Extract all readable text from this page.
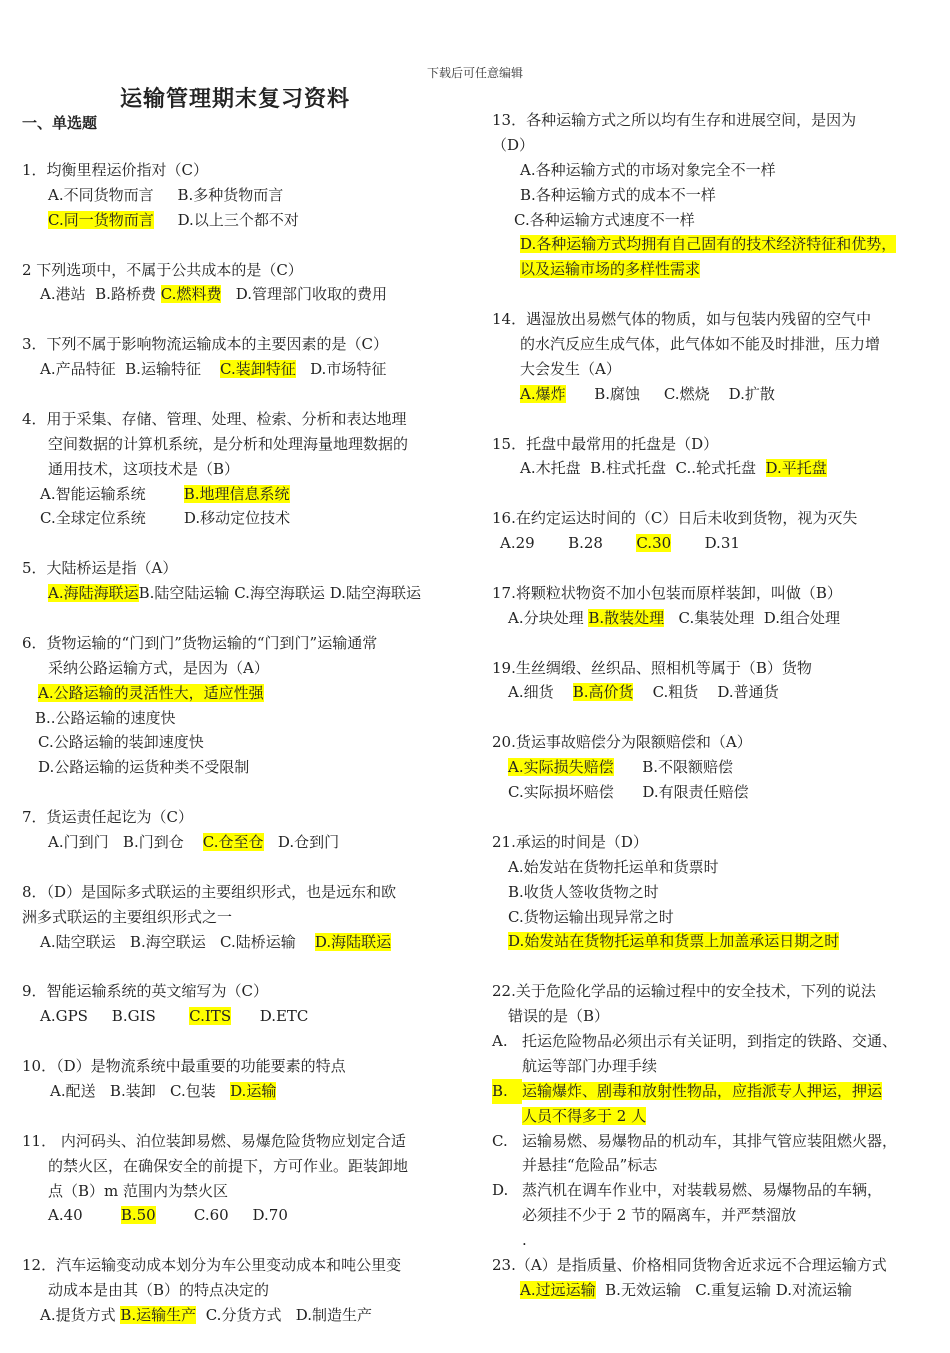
下载后可任意编辑
运输管理期末复习资料
一、单选题
1．均衡里程运价指对（C）
A.不同货物而言 B.多种货物而言
C.同一货物而言 D.以上三个都不对
2 下列选项中，不属于公共成本的是（C）
A.港站 B.路桥费 C.燃料费 D.管理部门收取的费用
3．下列不属于影响物流运输成本的主要因素的是（C）
A.产品特征 B.运输特征 C.装卸特征 D.市场特征
4．用于采集、存储、管理、处理、检索、分析和表达地理
空间数据的计算机系统，是分析和处理海量地理数据的
通用技术，这项技术是（B）
A.智能运输系统	B.地理信息系统
C.全球定位系统	D.移动定位技术
5．大陆桥运是指（A）
A.海陆海联运B.陆空陆运输 C.海空海联运 D.陆空海联运
6．货物运输的“门到门”货物运输的“门到门”运输通常
采纳公路运输方式，是因为（A）
A.公路运输的灵活性大，适应性强
B..公路运输的速度快
C.公路运输的装卸速度快
D.公路运输的运货种类不受限制
7．货运责任起讫为（C）
A.门到门 B.门到仓 C.仓至仓 D.仓到门
8．（D）是国际多式联运的主要组织形式，也是远东和欧
洲多式联运的主要组织形式之一
A.陆空联运 B.海空联运 C.陆桥运输 D.海陆联运
9．智能运输系统的英文缩写为（C）
A.GPS B.GIS C.ITS D.ETC
10．（D）是物流系统中最重要的功能要素的特点
A.配送 B.装卸 C.包装 D.运输
11． 内河码头、泊位装卸易燃、易爆危险货物应划定合适
的禁火区，在确保安全的前提下，方可作业。距装卸地
点（B）m 范围内为禁火区
A.40	B.50	C.60 D.70
12．汽车运输变动成本划分为车公里变动成本和吨公里变
动成本是由其（B）的特点决定的
A.提货方式 B.运输生产 C.分货方式 D.制造生产
13．各种运输方式之所以均有生存和进展空间，是因为
（D）
A.各种运输方式的市场对象完全不一样
B.各种运输方式的成本不一样
C.各种运输方式速度不一样
D.各种运输方式均拥有自己固有的技术经济特征和优势，
以及运输市场的多样性需求
14．遇湿放出易燃气体的物质，如与包装内残留的空气中
的水汽反应生成气体，此气体如不能及时排泄，压力增
大会发生（A）
A.爆炸 B.腐蚀 C.燃烧 D.扩散
15．托盘中最常用的托盘是（D）
A.木托盘 B.柱式托盘 C..轮式托盘 D.平托盘
16.在约定运达时间的（C）日后未收到货物，视为灭失
A.29 B.28 C.30 D.31
17.将颗粒状物资不加小包装而原样装卸，叫做（B）
A.分块处理 B.散装处理 C.集装处理 D.组合处理
19.生丝绸缎、丝织品、照相机等属于（B）货物
A.细货 B.高价货 C.粗货 D.普通货
20.货运事故赔偿分为限额赔偿和（A）
A.实际损失赔偿 B.不限额赔偿
C.实际损坏赔偿 D.有限责任赔偿
21.承运的时间是（D）
A.始发站在货物托运单和货票时
B.收货人签收货物之时
C.货物运输出现异常之时
D.始发站在货物托运单和货票上加盖承运日期之时
22.关于危险化学品的运输过程中的安全技术，下列的说法
错误的是（B）
A. 托运危险物品必须出示有关证明，到指定的铁路、交通、
航运等部门办理手续
B. 运输爆炸、剧毒和放射性物品，应指派专人押运，押运
人员不得多于 2 人
C. 运输易燃、易爆物品的机动车，其排气管应装阻燃火器，
并悬挂“危险品”标志
D. 蒸汽机在调车作业中，对装载易燃、易爆物品的车辆，
必须挂不少于 2 节的隔离车，并严禁溜放
.
23.（A）是指质量、价格相同货物舍近求远不合理运输方式
A.过远运输 B.无效运输 C.重复运输 D.对流运输
